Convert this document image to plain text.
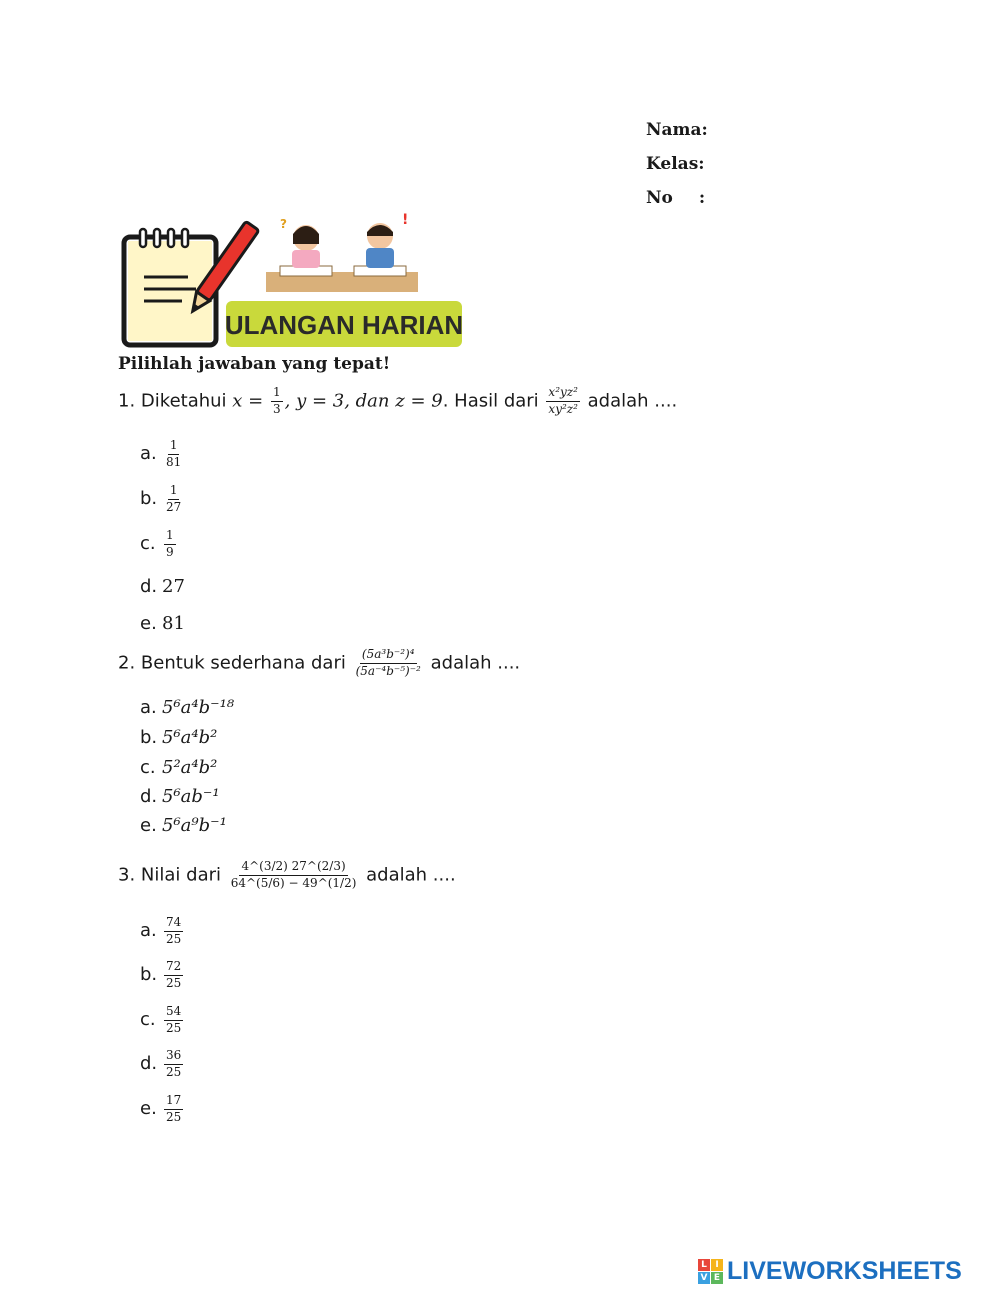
Nama:
Kelas:
No :
ULANGAN HARIAN
?	!
Pilihlah jawaban yang tepat!
1. Diketahui $x = \frac{1}{3}$ , y = 3, dan z = 9. Hasil dari $\frac{\text{x²yz²}}{\text{xy²z²}}$ adalah ....
a. $\frac{1}{81}$
b. $\frac{1}{27}$
c. $\frac{1}{9}$
d. 27
e. 81
2. Bentuk sederhana dari $\frac{\text{(5a³b⁻²)⁴}}{\text{(5a⁻⁴b⁻⁵)⁻²}}$ adalah ....
a. 5⁶a⁴b⁻¹⁸
b. 5⁶a⁴b²
c. 5²a⁴b²
d. 5⁶ab⁻¹
e. 5⁶a⁹b⁻¹
3. Nilai dari $\frac{4\^{}(3/2) 27\^{}(2/3)}{64\^{}(5/6) - 49\^{}(1/2)}$ adalah ....
a. $\frac{74}{25}$
b. $\frac{72}{25}$
c. $\frac{54}{25}$
d. $\frac{36}{25}$
e. $\frac{17}{25}$
L I
V E LIVEWORKSHEETS
